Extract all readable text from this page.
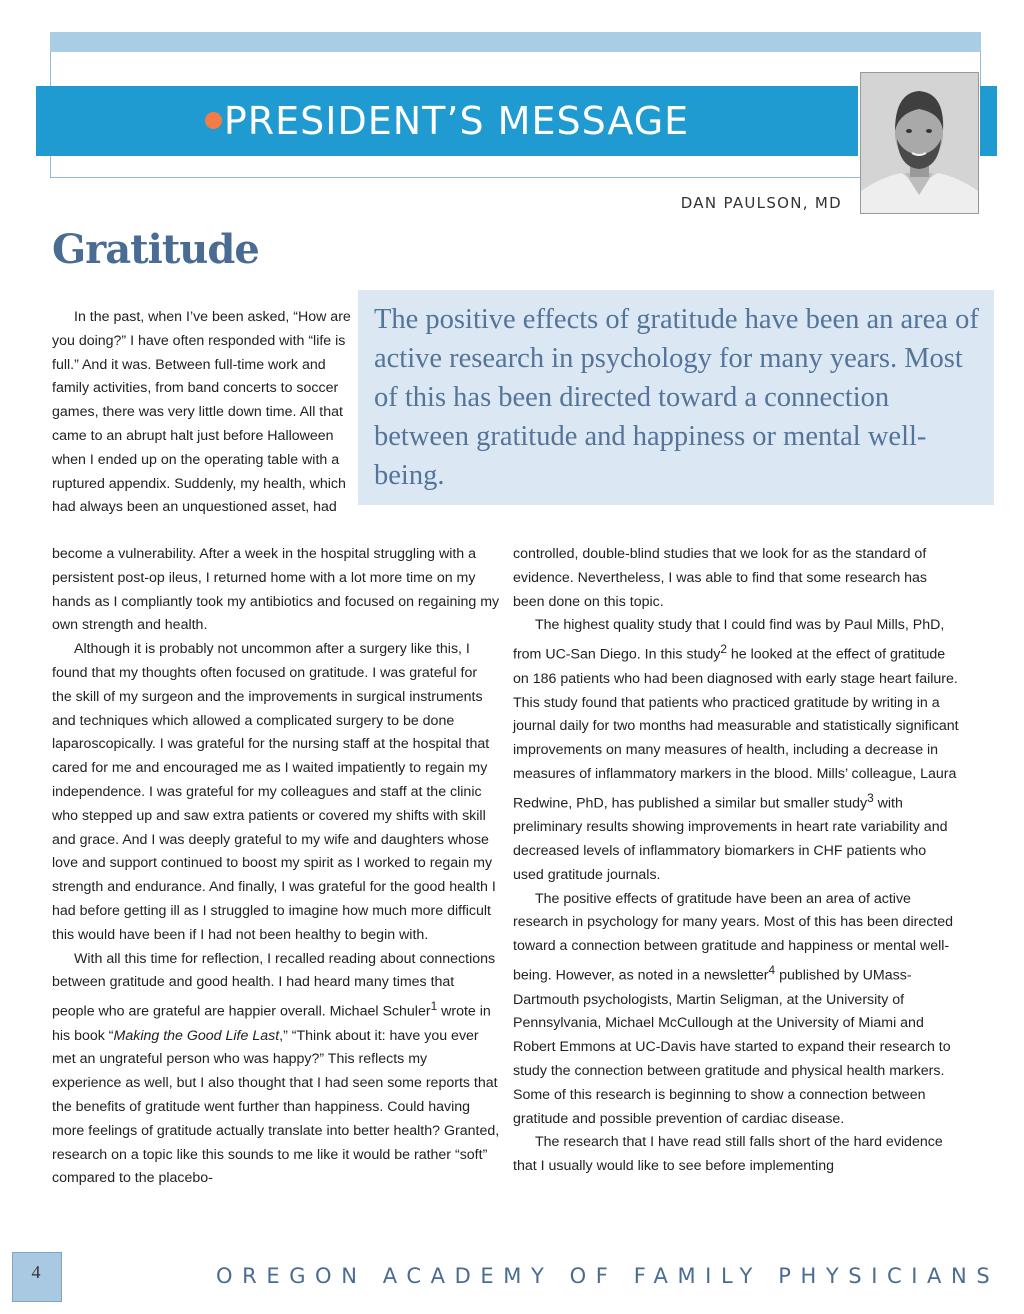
PRESIDENT’S MESSAGE
DAN PAULSON, MD
Gratitude
The positive effects of gratitude have been an area of active research in psychology for many years. Most of this has been directed toward a connection between gratitude and happiness or mental well-being.

In the past, when I’ve been asked, “How are you doing?” I have often responded with “life is full.” And it was. Between full-time work and family activities, from band concerts to soccer games, there was very little down time. All that came to an abrupt halt just before Halloween when I ended up on the operating table with a ruptured appendix. Suddenly, my health, which had always been an unquestioned asset, had

become a vulnerability. After a week in the hospital struggling with a persistent post-op ileus, I returned home with a lot more time on my hands as I compliantly took my antibiotics and focused on regaining my own strength and health.

Although it is probably not uncommon after a surgery like this, I found that my thoughts often focused on gratitude. I was grateful for the skill of my surgeon and the improvements in surgical instruments and techniques which allowed a complicated surgery to be done laparoscopically. I was grateful for the nursing staff at the hospital that cared for me and encouraged me as I waited impatiently to regain my independence. I was grateful for my colleagues and staff at the clinic who stepped up and saw extra patients or covered my shifts with skill and grace. And I was deeply grateful to my wife and daughters whose love and support continued to boost my spirit as I worked to regain my strength and endurance. And finally, I was grateful for the good health I had before getting ill as I struggled to imagine how much more difficult this would have been if I had not been healthy to begin with.

With all this time for reflection, I recalled reading about connections between gratitude and good health. I had heard many times that people who are grateful are happier overall. Michael Schuler$^1$ wrote in his book “Making the Good Life Last,” “Think about it: have you ever met an ungrateful person who was happy?” This reflects my experience as well, but I also thought that I had seen some reports that the benefits of gratitude went further than happiness. Could having more feelings of gratitude actually translate into better health? Granted, research on a topic like this sounds to me like it would be rather “soft” compared to the placebo-

controlled, double-blind studies that we look for as the standard of evidence. Nevertheless, I was able to find that some research has been done on this topic.

The highest quality study that I could find was by Paul Mills, PhD, from UC-San Diego. In this study$^2$ he looked at the effect of gratitude on 186 patients who had been diagnosed with early stage heart failure. This study found that patients who practiced gratitude by writing in a journal daily for two months had measurable and statistically significant improvements on many measures of health, including a decrease in measures of inflammatory markers in the blood. Mills’ colleague, Laura Redwine, PhD, has published a similar but smaller study$^3$ with preliminary results showing improvements in heart rate variability and decreased levels of inflammatory biomarkers in CHF patients who used gratitude journals.

The positive effects of gratitude have been an area of active research in psychology for many years. Most of this has been directed toward a connection between gratitude and happiness or mental well-being. However, as noted in a newsletter$^4$ published by UMass-Dartmouth psychologists, Martin Seligman, at the University of Pennsylvania, Michael McCullough at the University of Miami and Robert Emmons at UC-Davis have started to expand their research to study the connection between gratitude and physical health markers. Some of this research is beginning to show a connection between gratitude and possible prevention of cardiac disease.

The research that I have read still falls short of the hard evidence that I usually would like to see before implementing

4	OREGON ACADEMY OF FAMILY PHYSICIANS
